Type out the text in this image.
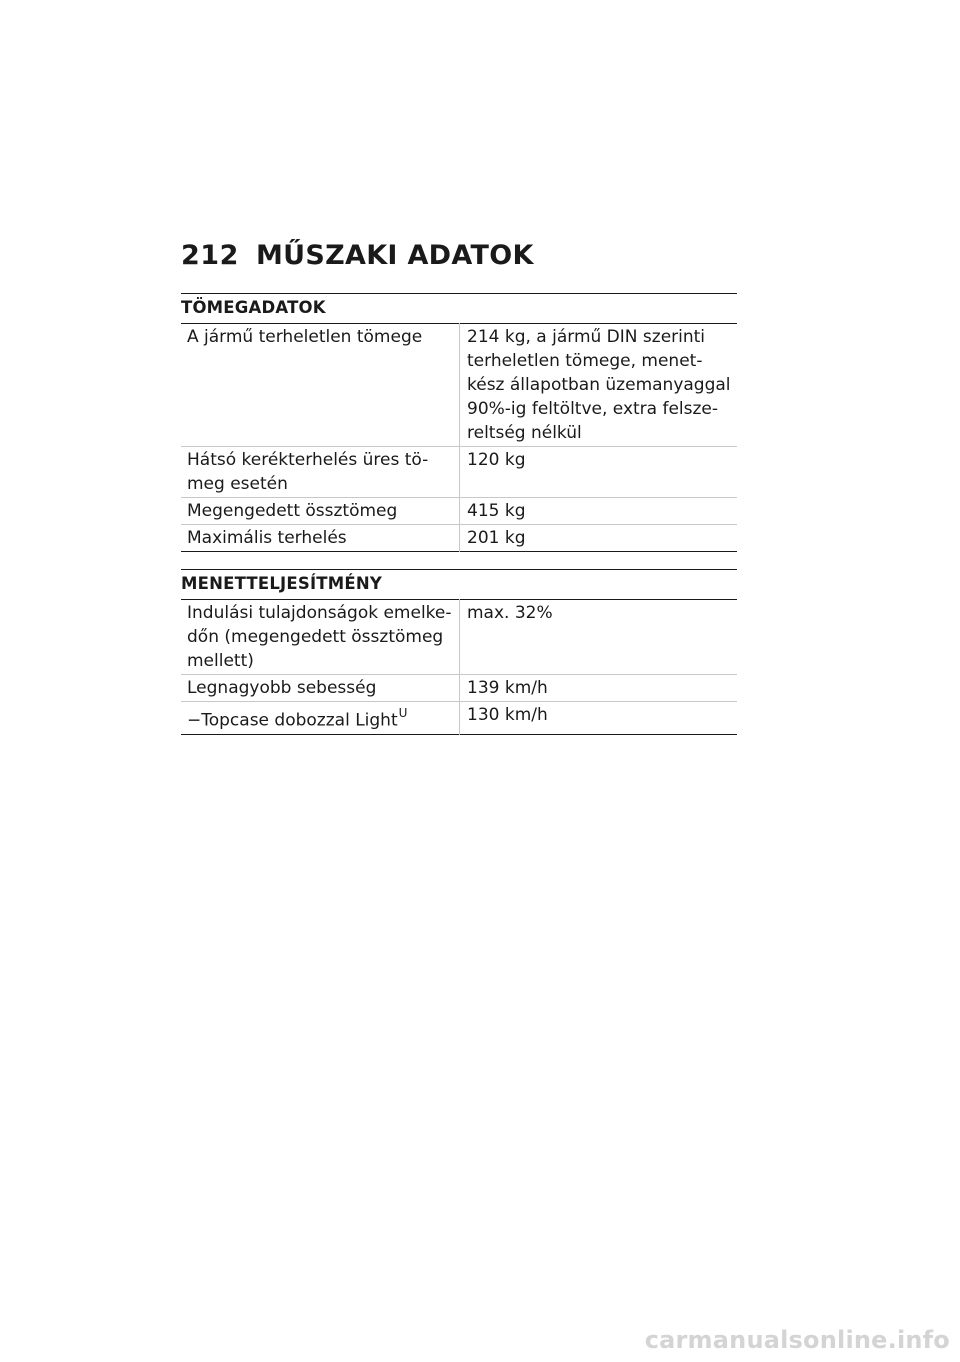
212 MŰSZAKI ADATOK
TÖMEGADATOK
A jármű terheletlen tömege	214 kg, a jármű DIN szerinti terheletlen tömege, menet-kész állapotban üzemanyaggal 90%-ig feltöltve, extra felsze-reltség nélkül
Hátsó kerékterhelés üres tö-meg esetén	120 kg
Megengedett össztömeg	415 kg
Maximális terhelés	201 kg
MENETTELJESÍTMÉNY
Indulási tulajdonságok emelke-dőn (megengedett össztömeg mellett)	max. 32%
Legnagyobb sebesség	139 km/h
−Topcase dobozzal Light$^U$	130 km/h
carmanualsonline.info
